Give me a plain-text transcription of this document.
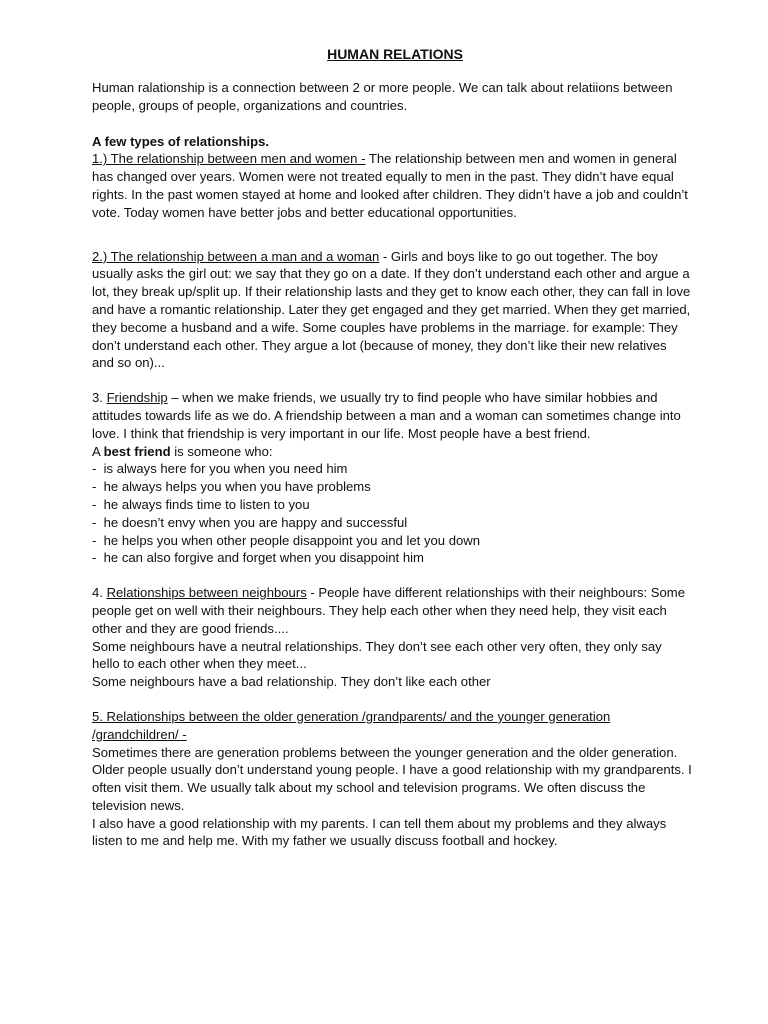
HUMAN RELATIONS

Human ralationship is a connection between 2 or more people. We can talk about relatiions between people, groups of people, organizations and countries.

A few types of relationships.

1.) The relationship between men and women - The relationship between men and women in general has changed over years. Women were not treated equally to men in the past. They didn’t have equal rights. In the past women stayed at home and looked after children. They didn’t have a job and couldn’t vote. Today women have better jobs and better educational opportunities.

2.) The relationship between a man and a woman - Girls and boys like to go out together. The boy usually asks the girl out: we say that they go on a date. If they don’t understand each other and argue a lot, they break up/split up. If their relationship lasts and they get to know each other, they can fall in love and have a romantic relationship. Later they get engaged and they get married. When they get married, they become a husband and a wife. Some couples have problems in the marriage. for example: They don’t understand each other. They argue a lot (because of money, they don’t like their new relatives and so on)...

3. Friendship – when we make friends, we usually try to find people who have similar hobbies and attitudes towards life as we do. A friendship between a man and a woman can sometimes change into love. I think that friendship is very important in our life. Most people have a best friend.

A best friend is someone who:

- is always here for you when you need him
- he always helps you when you have problems
- he always finds time to listen to you
- he doesn’t envy when you are happy and successful
- he helps you when other people disappoint you and let you down
- he can also forgive and forget when you disappoint him

4. Relationships between neighbours - People have different relationships with their neighbours: Some people get on well with their neighbours. They help each other when they need help, they visit each other and they are good friends....

Some neighbours have a neutral relationships. They don’t see each other very often, they only say hello to each other when they meet...

Some neighbours have a bad relationship. They don’t like each other

5. Relationships between the older generation /grandparents/ and the younger generation /grandchildren/ -

Sometimes there are generation problems between the younger generation and the older generation. Older people usually don’t understand young people. I have a good relationship with my grandparents. I often visit them. We usually talk about my school and television programs. We often discuss the television news.

I also have a good relationship with my parents. I can tell them about my problems and they always listen to me and help me. With my father we usually discuss football and hockey.
